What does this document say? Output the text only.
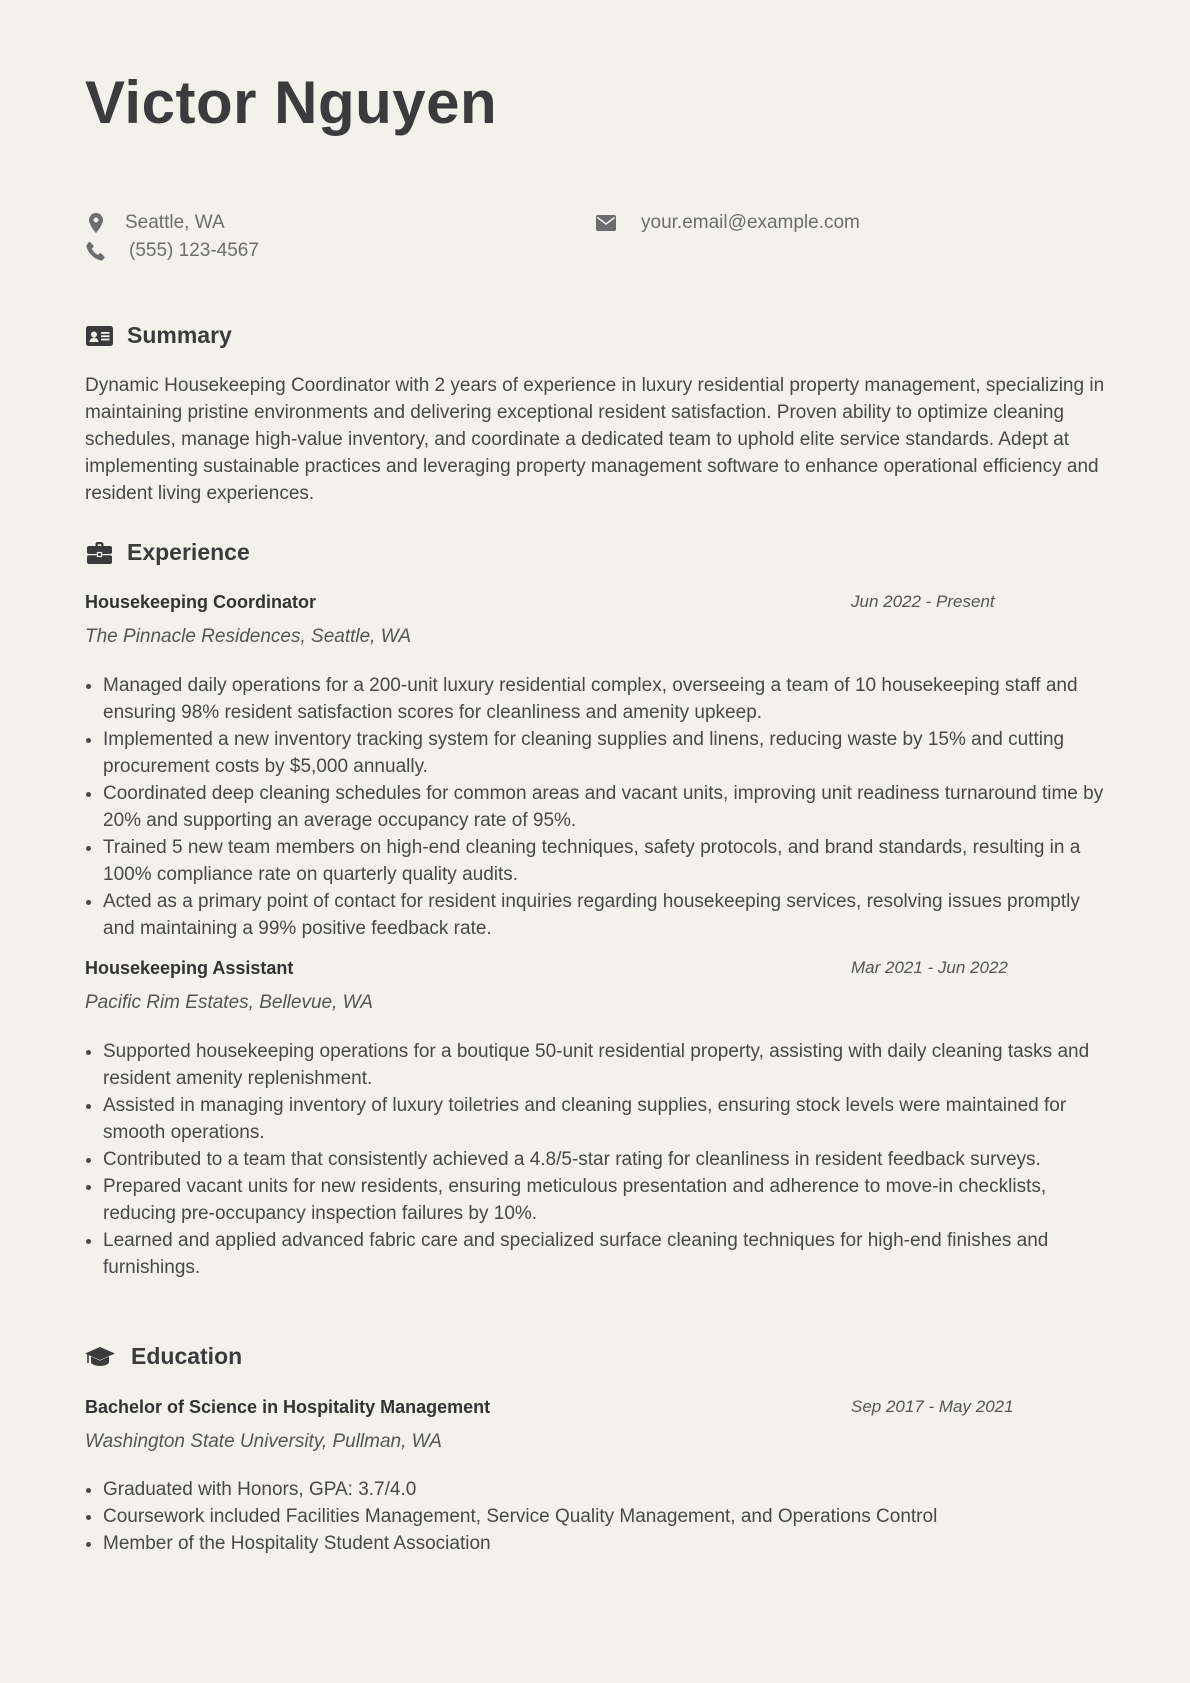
Victor Nguyen
Seattle, WA
(555) 123-4567
your.email@example.com
Summary

Dynamic Housekeeping Coordinator with 2 years of experience in luxury residential property management, specializing in maintaining pristine environments and delivering exceptional resident satisfaction. Proven ability to optimize cleaning schedules, manage high-value inventory, and coordinate a dedicated team to uphold elite service standards. Adept at implementing sustainable practices and leveraging property management software to enhance operational efficiency and resident living experiences.

Experience
Housekeeping Coordinator	Jun 2022 - Present
The Pinnacle Residences, Seattle, WA
• Managed daily operations for a 200-unit luxury residential complex, overseeing a team of 10 housekeeping staff and ensuring 98% resident satisfaction scores for cleanliness and amenity upkeep.
• Implemented a new inventory tracking system for cleaning supplies and linens, reducing waste by 15% and cutting procurement costs by $5,000 annually.
• Coordinated deep cleaning schedules for common areas and vacant units, improving unit readiness turnaround time by 20% and supporting an average occupancy rate of 95%.
• Trained 5 new team members on high-end cleaning techniques, safety protocols, and brand standards, resulting in a 100% compliance rate on quarterly quality audits.
• Acted as a primary point of contact for resident inquiries regarding housekeeping services, resolving issues promptly and maintaining a 99% positive feedback rate.
Housekeeping Assistant	Mar 2021 - Jun 2022
Pacific Rim Estates, Bellevue, WA
• Supported housekeeping operations for a boutique 50-unit residential property, assisting with daily cleaning tasks and resident amenity replenishment.
• Assisted in managing inventory of luxury toiletries and cleaning supplies, ensuring stock levels were maintained for smooth operations.
• Contributed to a team that consistently achieved a 4.8/5-star rating for cleanliness in resident feedback surveys.
• Prepared vacant units for new residents, ensuring meticulous presentation and adherence to move-in checklists, reducing pre-occupancy inspection failures by 10%.
• Learned and applied advanced fabric care and specialized surface cleaning techniques for high-end finishes and furnishings.
Education
Bachelor of Science in Hospitality Management	Sep 2017 - May 2021
Washington State University, Pullman, WA
• Graduated with Honors, GPA: 3.7/4.0
• Coursework included Facilities Management, Service Quality Management, and Operations Control
• Member of the Hospitality Student Association
